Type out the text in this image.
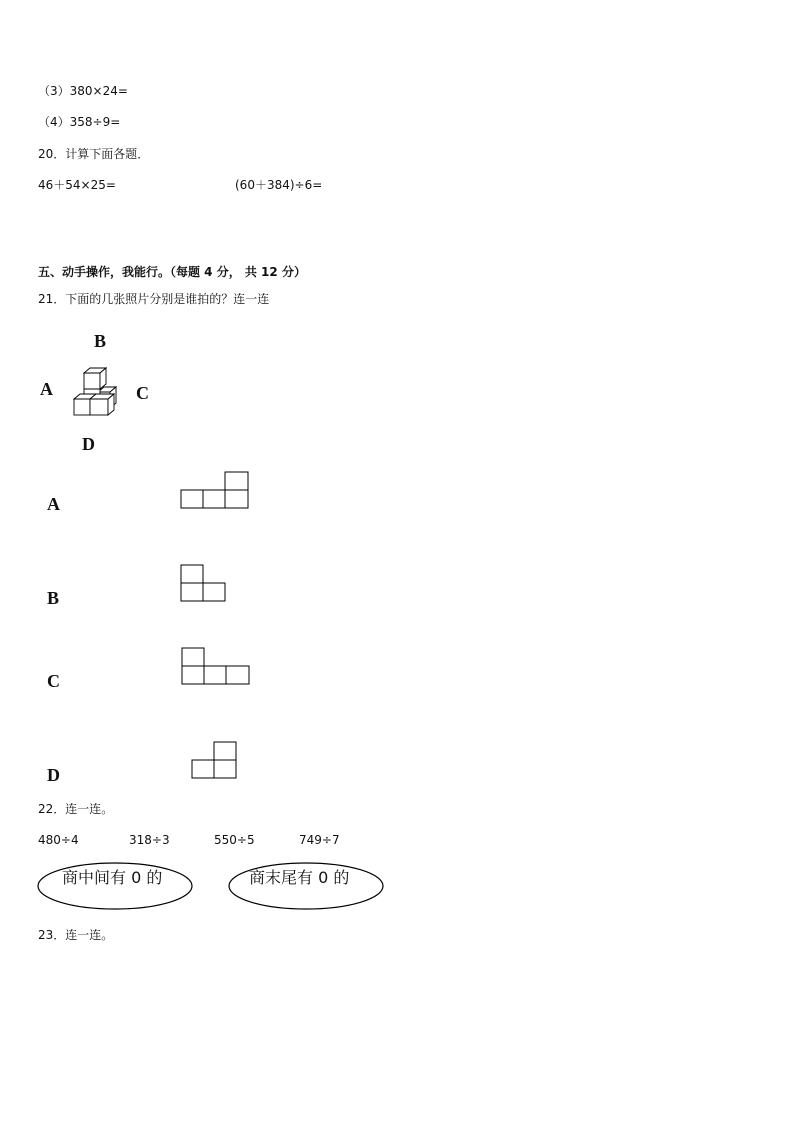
（3）380×24=
（4）358÷9=
20．计算下面各题．
46＋54×25=	(60＋384)÷6=
五、动手操作，我能行。（每题 4 分， 共 12 分）
21．下面的几张照片分别是谁拍的？连一连
B
A	C
D
A
B
C
D
22．连一连。
480÷4	318÷3	550÷5	749÷7
商中间有 0 的	商末尾有 0 的
23．连一连。
